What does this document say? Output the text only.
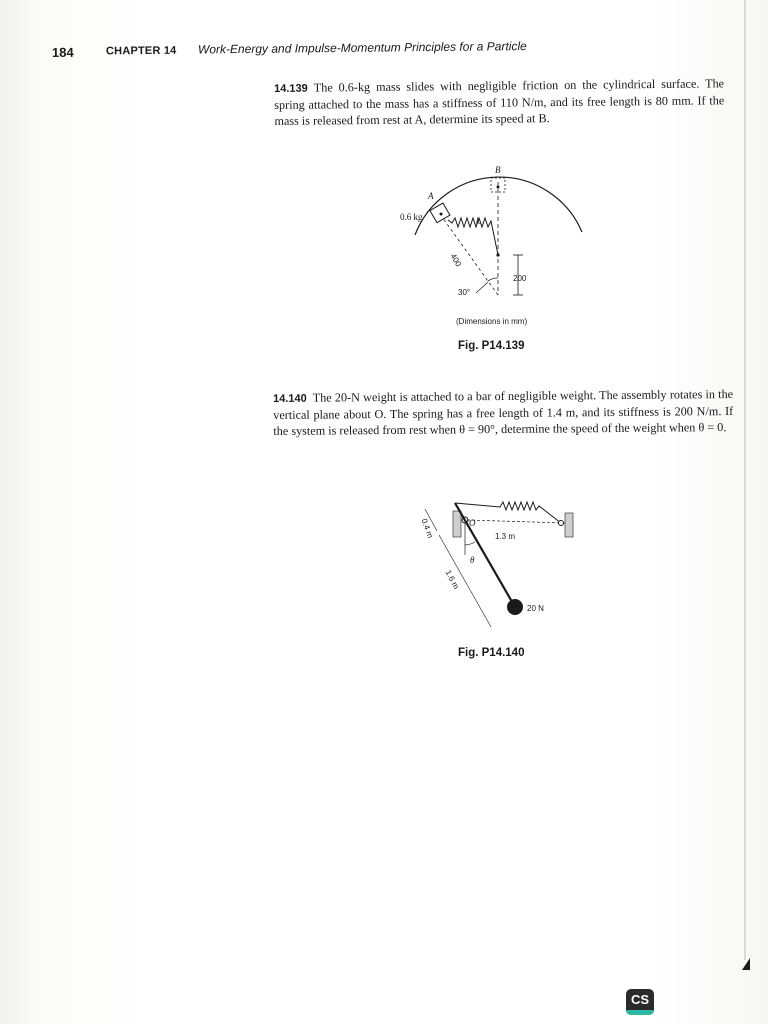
184	CHAPTER 14 Work-Energy and Impulse-Momentum Principles for a Particle
14.139 The 0.6-kg mass slides with negligible friction on the cylindrical surface. The spring attached to the mass has a stiffness of 110 N/m, and its free length is 80 mm. If the mass is released from rest at A, determine its speed at B.
B
A
0.6 kg	k
400
30°
200
(Dimensions in mm)
Fig. P14.139
14.140 The 20-N weight is attached to a bar of negligible weight. The assembly rotates in the vertical plane about O. The spring has a free length of 1.4 m, and its stiffness is 200 N/m. If the system is released from rest when θ = 90°, determine the speed of the weight when θ = 0.
O
θ
20 N
1.3 m
0.4 m
1.6 m
Fig. P14.140
CS
